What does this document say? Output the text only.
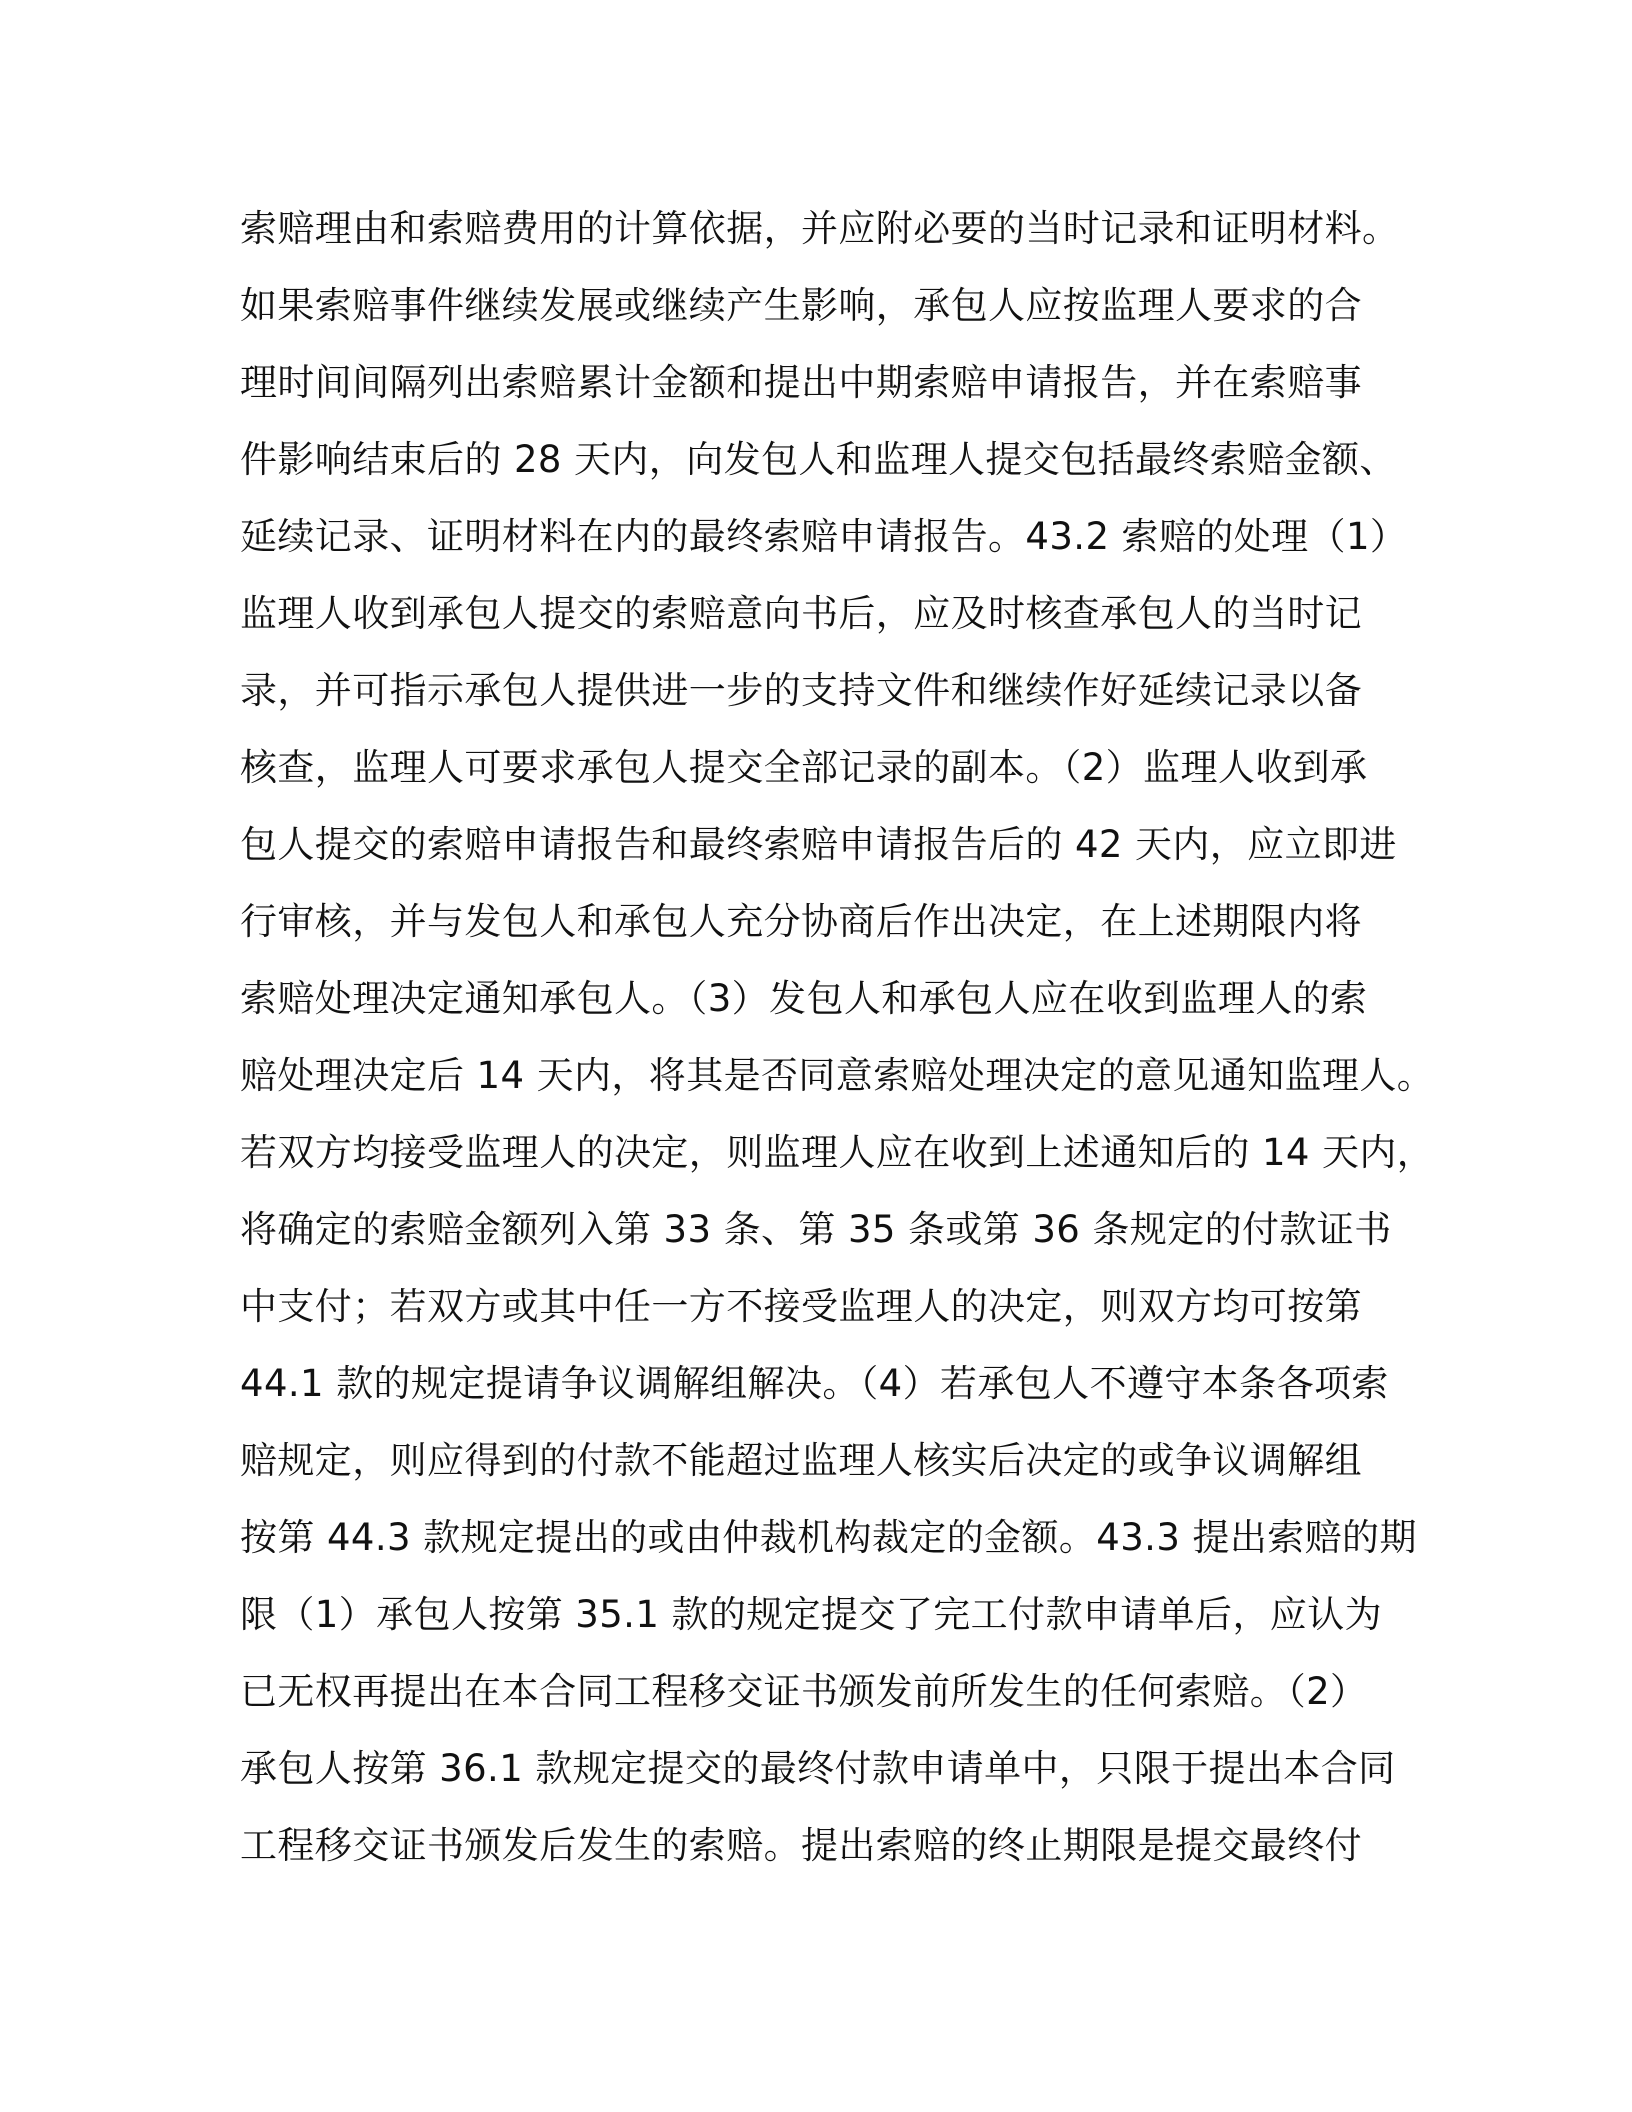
索赔理由和索赔费用的计算依据，并应附必要的当时记录和证明材料。
如果索赔事件继续发展或继续产生影响，承包人应按监理人要求的合
理时间间隔列出索赔累计金额和提出中期索赔申请报告，并在索赔事
件影响结束后的 28 天内，向发包人和监理人提交包括最终索赔金额、
延续记录、证明材料在内的最终索赔申请报告。43.2 索赔的处理（1）
监理人收到承包人提交的索赔意向书后，应及时核查承包人的当时记
录，并可指示承包人提供进一步的支持文件和继续作好延续记录以备
核查，监理人可要求承包人提交全部记录的副本。（2）监理人收到承
包人提交的索赔申请报告和最终索赔申请报告后的 42 天内，应立即进
行审核，并与发包人和承包人充分协商后作出决定，在上述期限内将
索赔处理决定通知承包人。（3）发包人和承包人应在收到监理人的索
赔处理决定后 14 天内，将其是否同意索赔处理决定的意见通知监理人。
若双方均接受监理人的决定，则监理人应在收到上述通知后的 14 天内，
将确定的索赔金额列入第 33 条、第 35 条或第 36 条规定的付款证书
中支付；若双方或其中任一方不接受监理人的决定，则双方均可按第
44.1 款的规定提请争议调解组解决。（4）若承包人不遵守本条各项索
赔规定，则应得到的付款不能超过监理人核实后决定的或争议调解组
按第 44.3 款规定提出的或由仲裁机构裁定的金额。43.3 提出索赔的期
限（1）承包人按第 35.1 款的规定提交了完工付款申请单后，应认为
已无权再提出在本合同工程移交证书颁发前所发生的任何索赔。（2）
承包人按第 36.1 款规定提交的最终付款申请单中，只限于提出本合同
工程移交证书颁发后发生的索赔。提出索赔的终止期限是提交最终付
